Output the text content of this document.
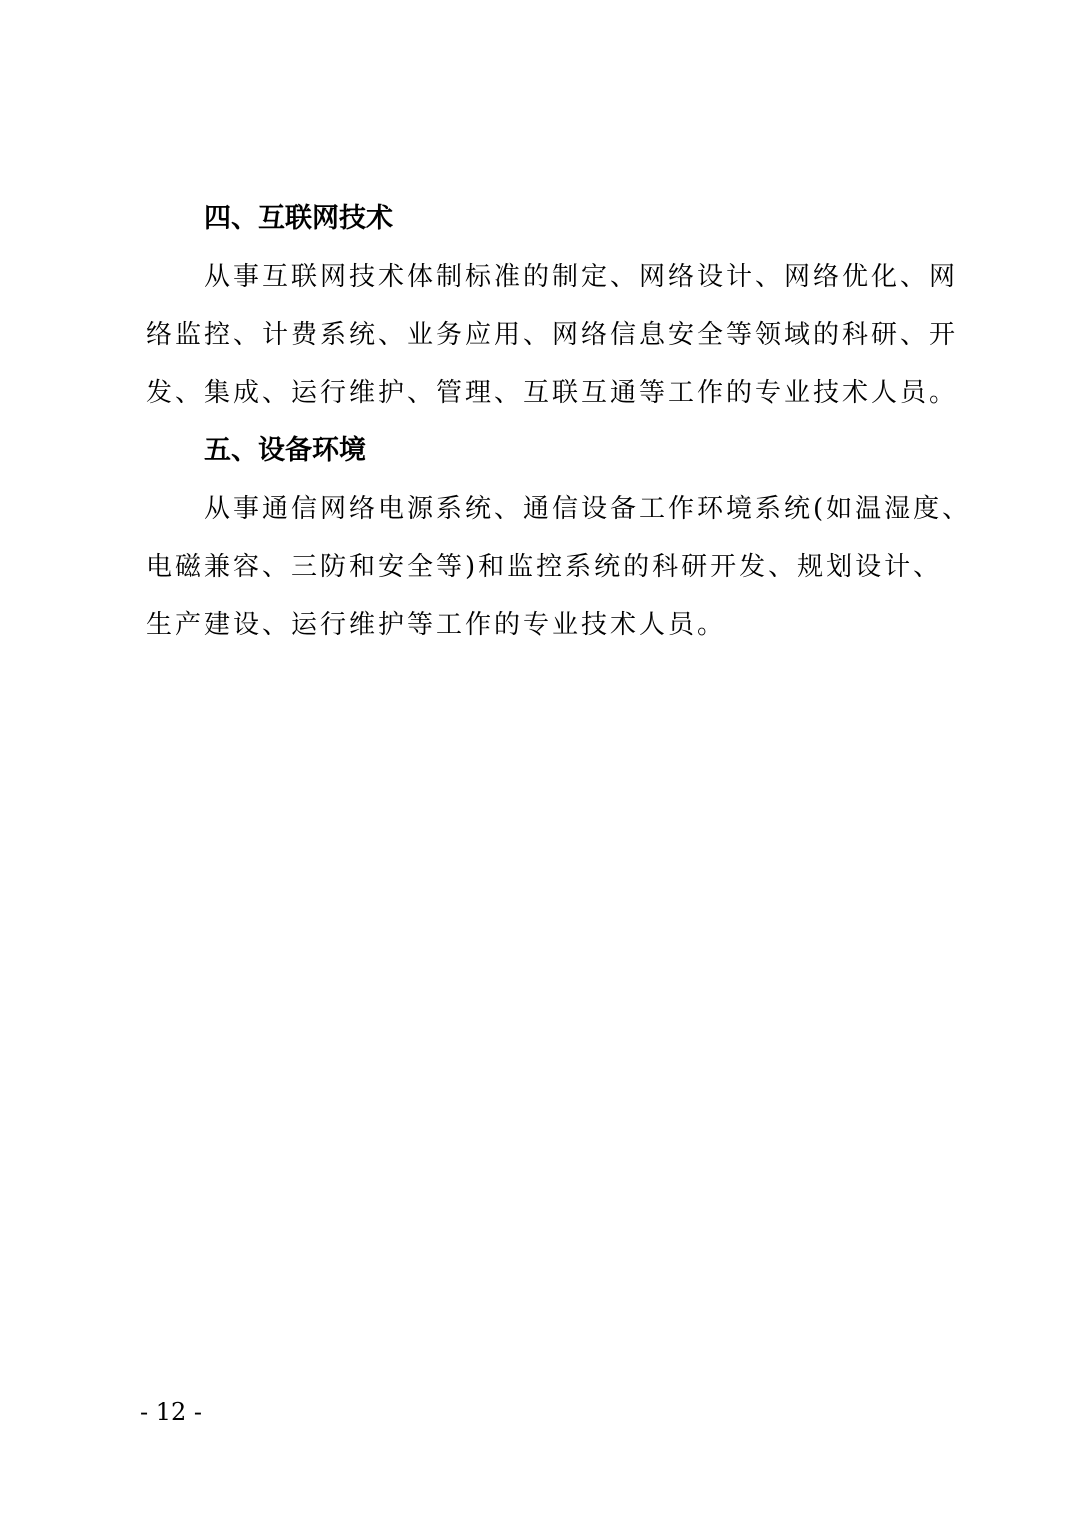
四、互联网技术

从事互联网技术体制标准的制定、网络设计、网络优化、网
络监控、计费系统、业务应用、网络信息安全等领域的科研、开
发、集成、运行维护、管理、互联互通等工作的专业技术人员。

五、设备环境

从事通信网络电源系统、通信设备工作环境系统(如温湿度、
电磁兼容、三防和安全等)和监控系统的科研开发、规划设计、
生产建设、运行维护等工作的专业技术人员。

- 12 -
